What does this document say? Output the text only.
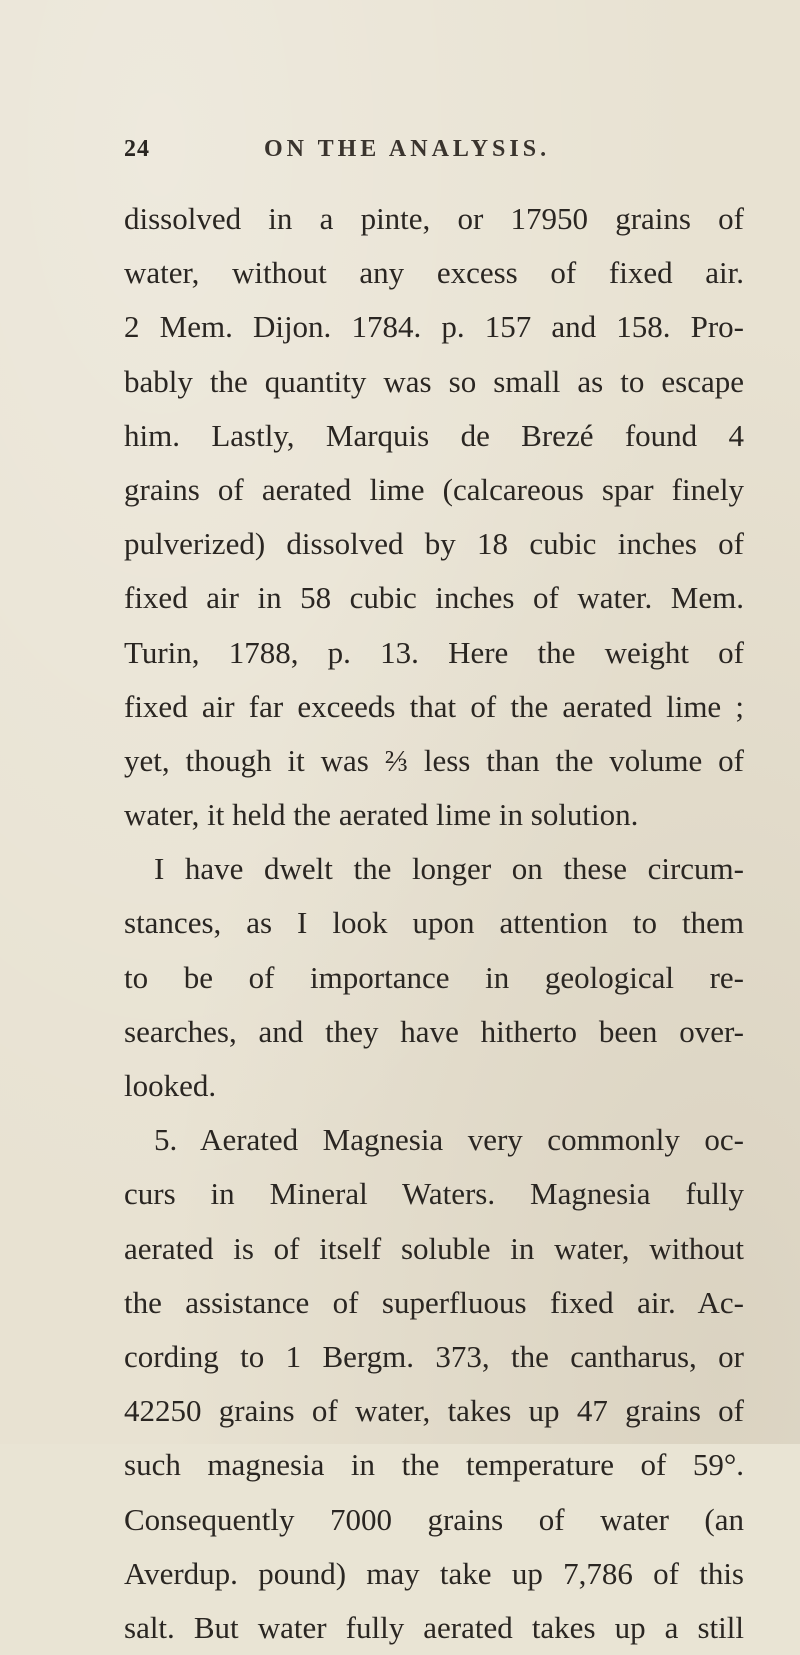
24	ON THE ANALYSIS.
dissolved in a pinte, or 17950 grains of
water, without any excess of fixed air.
2 Mem. Dijon. 1784. p. 157 and 158. Pro-
bably the quantity was so small as to escape
him. Lastly, Marquis de Brezé found 4
grains of aerated lime (calcareous spar finely
pulverized) dissolved by 18 cubic inches of
fixed air in 58 cubic inches of water. Mem.
Turin, 1788, p. 13. Here the weight of
fixed air far exceeds that of the aerated lime ;
yet, though it was ⅔ less than the volume of
water, it held the aerated lime in solution.
I have dwelt the longer on these circum-
stances, as I look upon attention to them
to be of importance in geological re-
searches, and they have hitherto been over-
looked.
5. Aerated Magnesia very commonly oc-
curs in Mineral Waters. Magnesia fully
aerated is of itself soluble in water, without
the assistance of superfluous fixed air. Ac-
cording to 1 Bergm. 373, the cantharus, or
42250 grains of water, takes up 47 grains of
such magnesia in the temperature of 59°.
Consequently 7000 grains of water (an
Averdup. pound) may take up 7,786 of this
salt. But water fully aerated takes up a still
